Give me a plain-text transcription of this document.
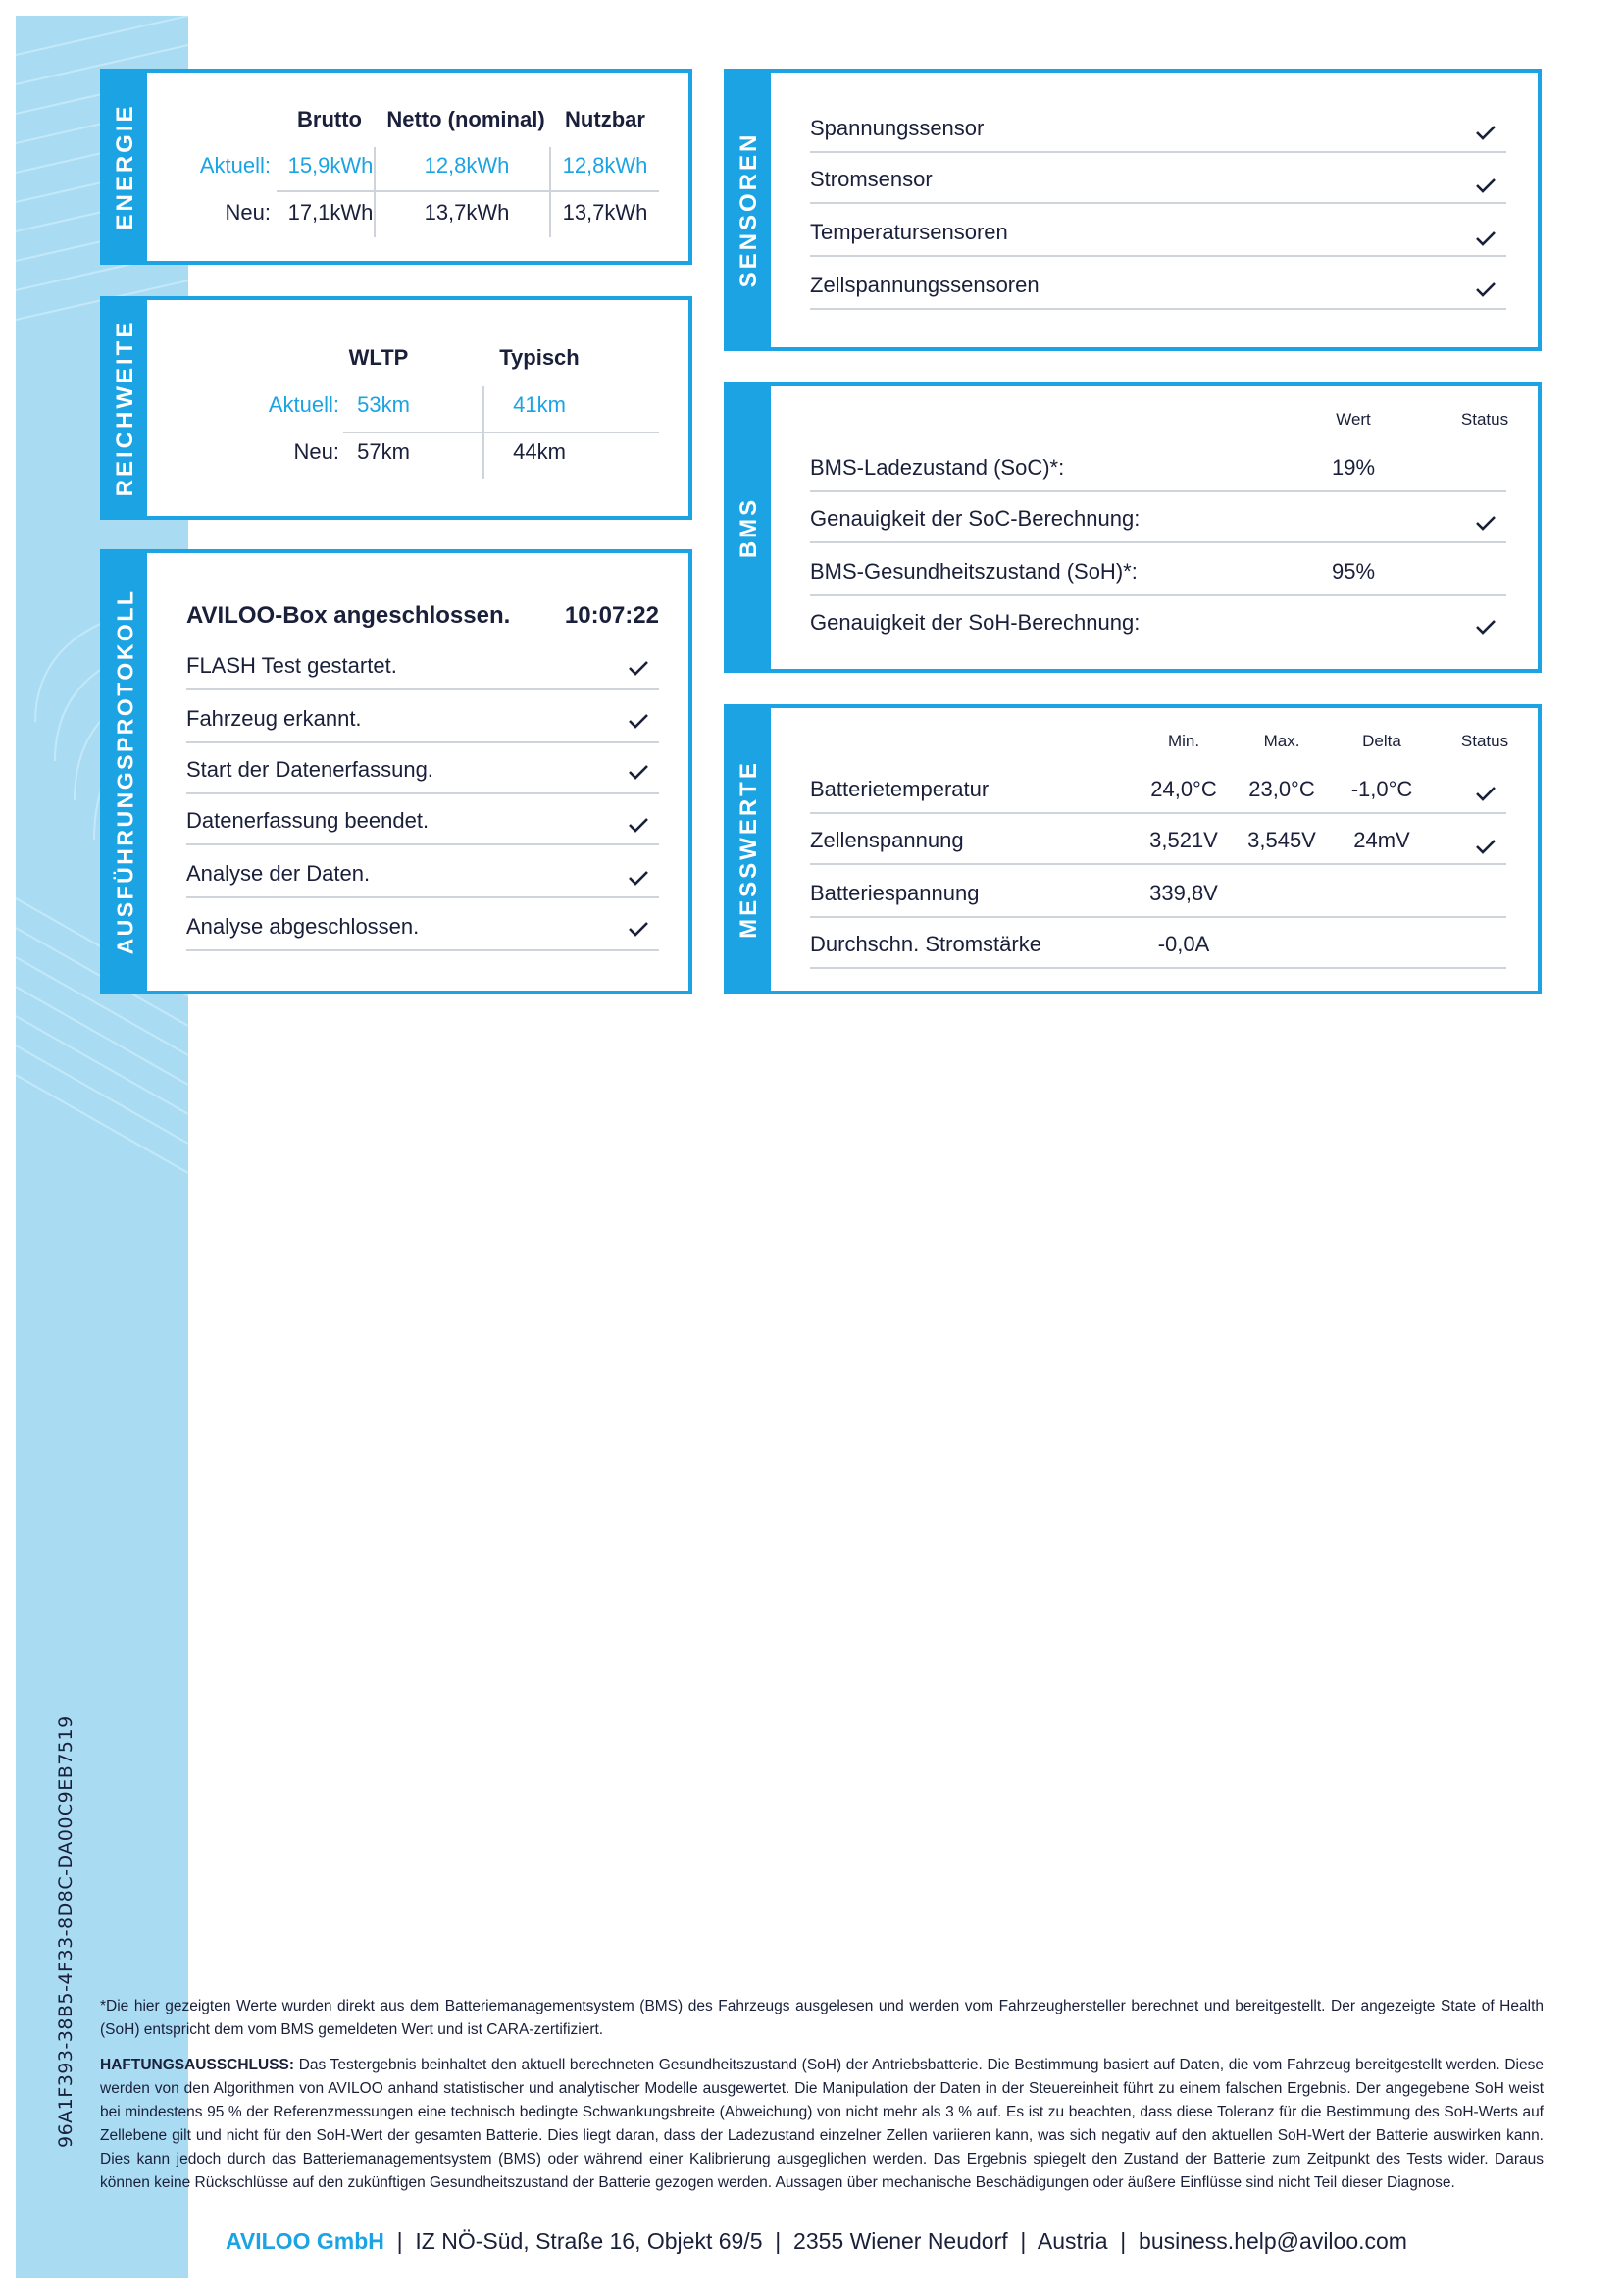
96A1F393-38B5-4F33-8D8C-DA00C9EB7519
ENERGIE	Brutto	Netto (nominal) Nutzbar
Aktuell: 15,9kWh	12,8kWh	12,8kWh
Neu: 17,1kWh	13,7kWh	13,7kWh
REICHWEITE	WLTP	Typisch
Aktuell: 53km	41km
Neu: 57km	44km
AUSFÜHRUNGSPROTOKOLL AVILOO-Box angeschlossen.	10:07:22
FLASH Test gestartet.
Fahrzeug erkannt.
Start der Datenerfassung.
Datenerfassung beendet.
Analyse der Daten.
Analyse abgeschlossen.
SENSOREN
Spannungssensor
Stromsensor
Temperatursensoren
Zellspannungssensoren
BMS
Wert	Status
BMS-Ladezustand (SoC)*:	19%
Genauigkeit der SoC-Berechnung:
BMS-Gesundheitszustand (SoH)*:	95%
Genauigkeit der SoH-Berechnung:
MESSWERTE
Min.	Max.	Delta	Status
Batterietemperatur	24,0°C	23,0°C	-1,0°C
Zellenspannung	3,521V	3,545V	24mV
Batteriespannung	339,8V
Durchschn. Stromstärke	-0,0A
*Die hier gezeigten Werte wurden direkt aus dem Batteriemanagementsystem (BMS) des Fahrzeugs ausgelesen und werden vom Fahrzeughersteller berechnet und bereitgestellt. Der angezeigte State of Health (SoH) entspricht dem vom BMS gemeldeten Wert und ist CARA-zertifiziert.
HAFTUNGSAUSSCHLUSS: Das Testergebnis beinhaltet den aktuell berechneten Gesundheitszustand (SoH) der Antriebsbatterie. Die Bestimmung basiert auf Daten, die vom Fahrzeug bereitgestellt werden. Diese werden von den Algorithmen von AVILOO anhand statistischer und analytischer Modelle ausgewertet. Die Manipulation der Daten in der Steuereinheit führt zu einem falschen Ergebnis. Der angegebene SoH weist bei mindestens 95 % der Referenzmessungen eine technisch bedingte Schwankungsbreite (Abweichung) von nicht mehr als 3 % auf. Es ist zu beachten, dass diese Toleranz für die Bestimmung des SoH-Werts auf Zellebene gilt und nicht für den SoH-Wert der gesamten Batterie. Dies liegt daran, dass der Ladezustand einzelner Zellen variieren kann, was sich negativ auf den aktuellen SoH-Wert der Batterie auswirken kann. Dies kann jedoch durch das Batteriemanagementsystem (BMS) oder während einer Kalibrierung ausgeglichen werden. Das Ergebnis spiegelt den Zustand der Batterie zum Zeitpunkt des Tests wider. Daraus können keine Rückschlüsse auf den zukünftigen Gesundheitszustand der Batterie gezogen werden. Aussagen über mechanische Beschädigungen oder äußere Einflüsse sind nicht Teil dieser Diagnose.
AVILOO GmbH  |  IZ NÖ-Süd, Straße 16, Objekt 69/5  |  2355 Wiener Neudorf  |  Austria  |  business.help@aviloo.com
